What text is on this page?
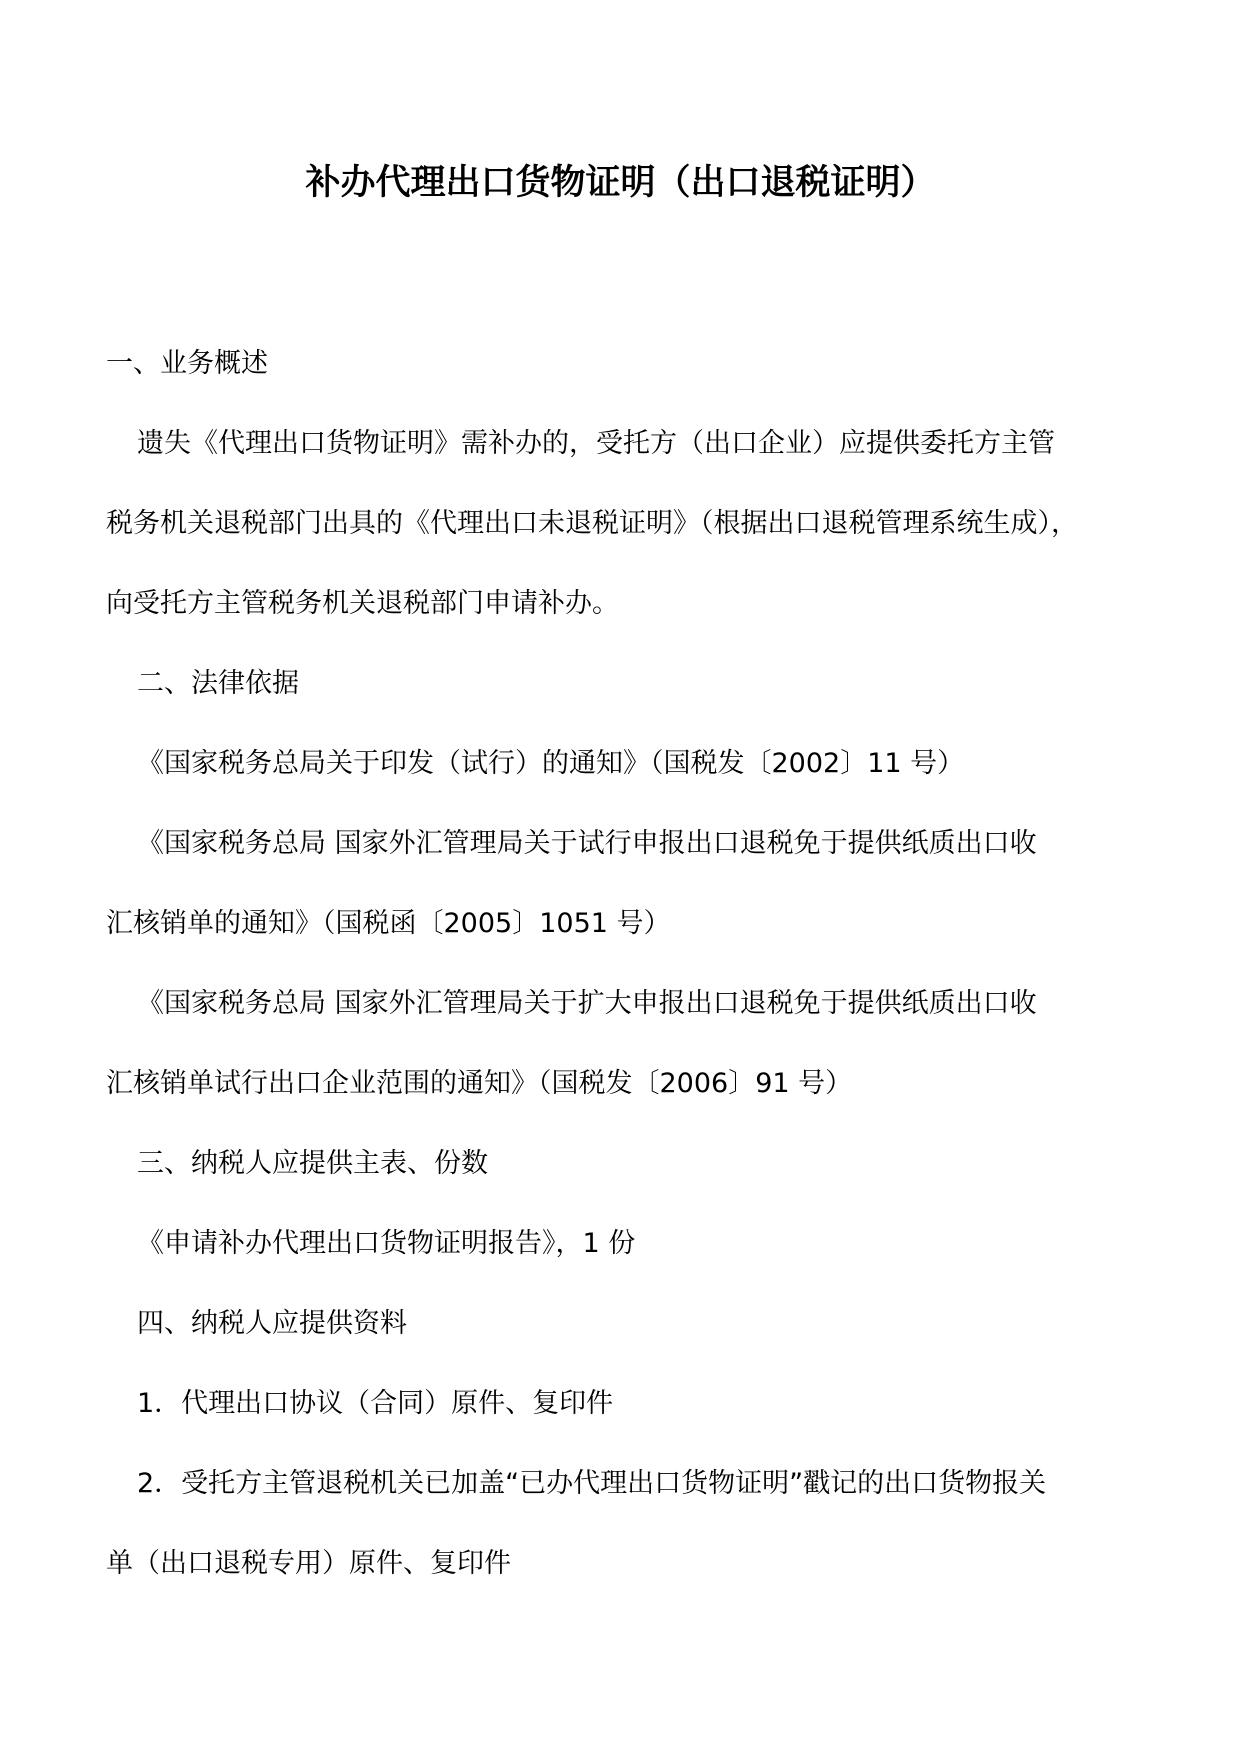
补办代理出口货物证明（出口退税证明）

一、业务概述

遗失《代理出口货物证明》需补办的，受托方（出口企业）应提供委托方主管

税务机关退税部门出具的《代理出口未退税证明》（根据出口退税管理系统生成），

向受托方主管税务机关退税部门申请补办。

二、法律依据

《国家税务总局关于印发（试行）的通知》（国税发〔2002〕11 号）

《国家税务总局 国家外汇管理局关于试行申报出口退税免于提供纸质出口收

汇核销单的通知》（国税函〔2005〕1051 号）

《国家税务总局 国家外汇管理局关于扩大申报出口退税免于提供纸质出口收

汇核销单试行出口企业范围的通知》（国税发〔2006〕91 号）

三、纳税人应提供主表、份数

《申请补办代理出口货物证明报告》，1 份

四、纳税人应提供资料

1．代理出口协议（合同）原件、复印件

2．受托方主管退税机关已加盖“已办代理出口货物证明”戳记的出口货物报关

单（出口退税专用）原件、复印件
